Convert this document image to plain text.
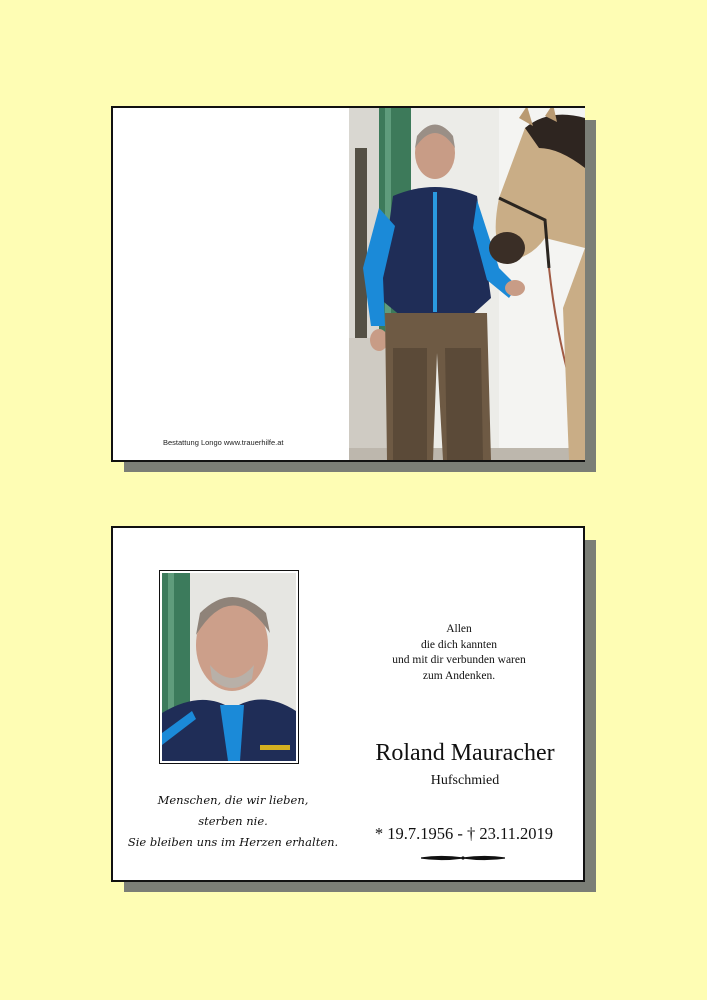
Bestattung Longo www.trauerhilfe.at
Allen
die dich kannten
und mit dir verbunden waren
zum Andenken.
Roland Mauracher
Hufschmied
* 19.7.1956 - † 23.11.2019
Menschen, die wir lieben,
sterben nie.
Sie bleiben uns im Herzen erhalten.
